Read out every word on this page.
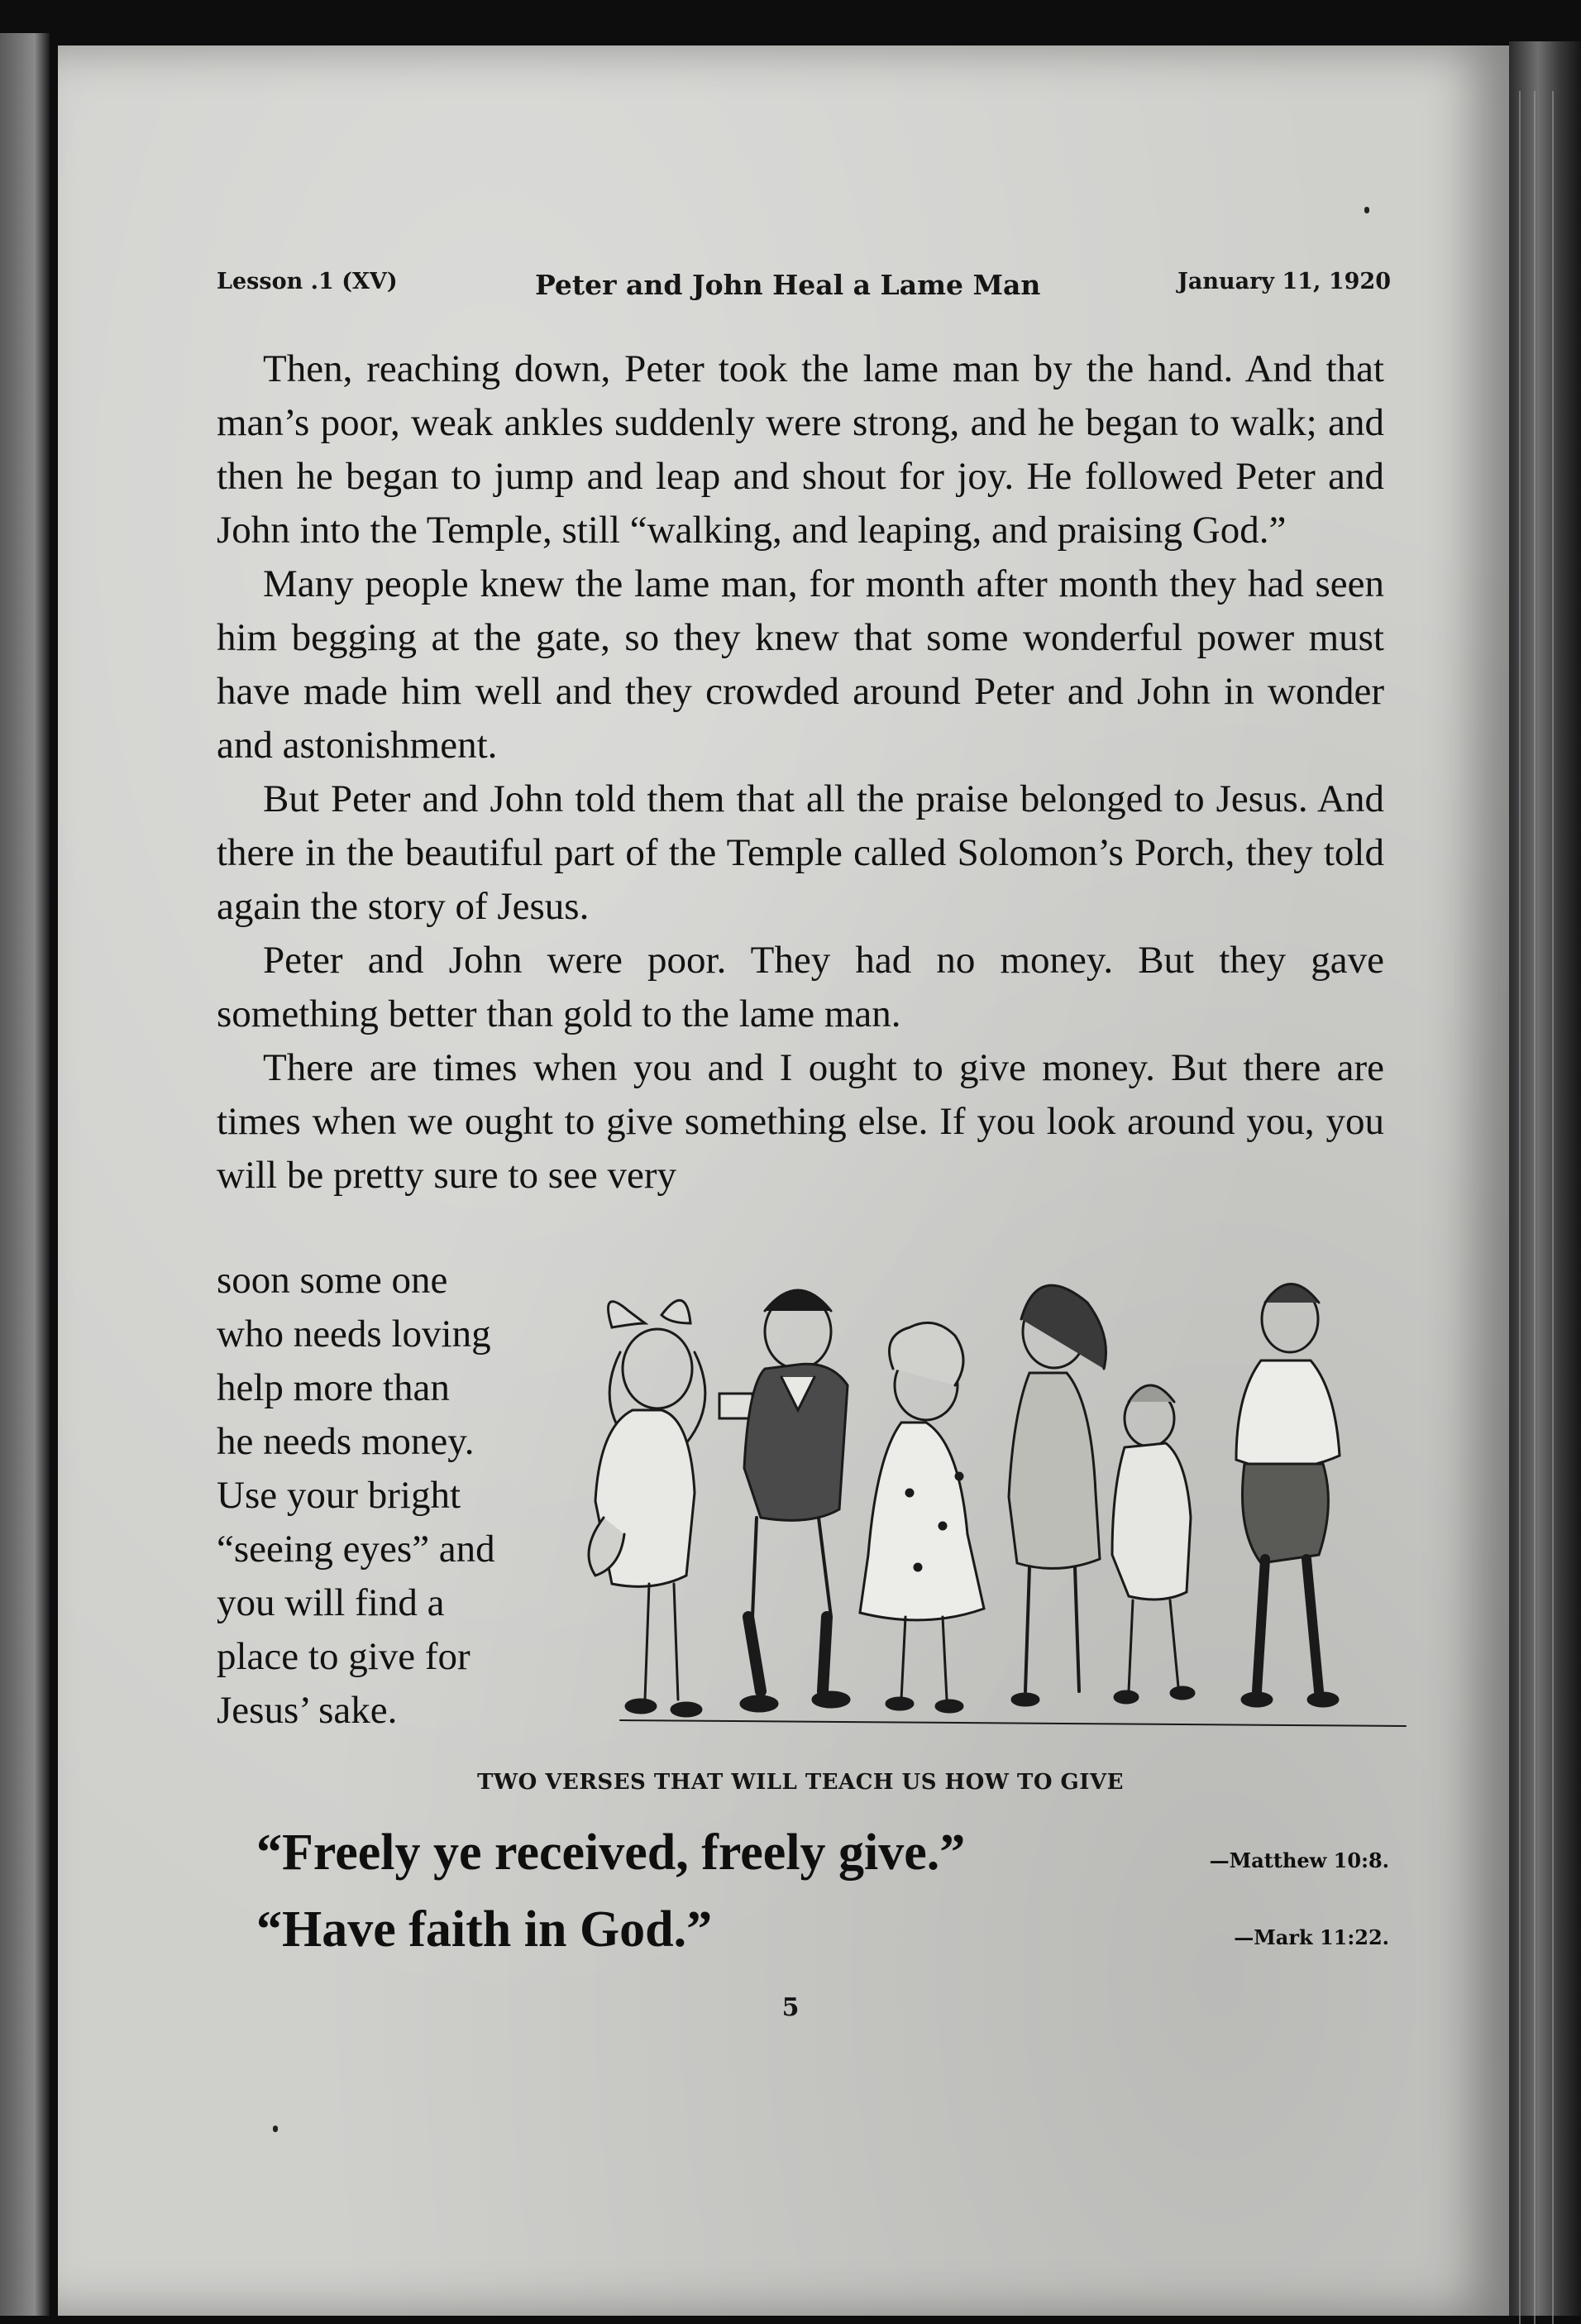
Lesson .1 (XV)	Peter and John Heal a Lame Man	January 11, 1920

Then, reaching down, Peter took the lame man by the hand. And that man’s poor, weak ankles suddenly were strong, and he began to walk; and then he began to jump and leap and shout for joy. He followed Peter and John into the Temple, still “walking, and leaping, and praising God.”

Many people knew the lame man, for month after month they had seen him begging at the gate, so they knew that some wonderful power must have made him well and they crowded around Peter and John in wonder and astonishment.

But Peter and John told them that all the praise belonged to Jesus. And there in the beautiful part of the Temple called Solomon’s Porch, they told again the story of Jesus.

Peter and John were poor. They had no money. But they gave something better than gold to the lame man.

There are times when you and I ought to give money. But there are times when we ought to give something else. If you look around you, you will be pretty sure to see very

soon some one
who needs loving
help more than
he needs money.
Use your bright
“seeing eyes” and
you will find a
place to give for
Jesus’ sake.
TWO VERSES THAT WILL TEACH US HOW TO GIVE
“Freely ye received, freely give.”	—Matthew 10:8.
“Have faith in God.”	—Mark 11:22.
5
